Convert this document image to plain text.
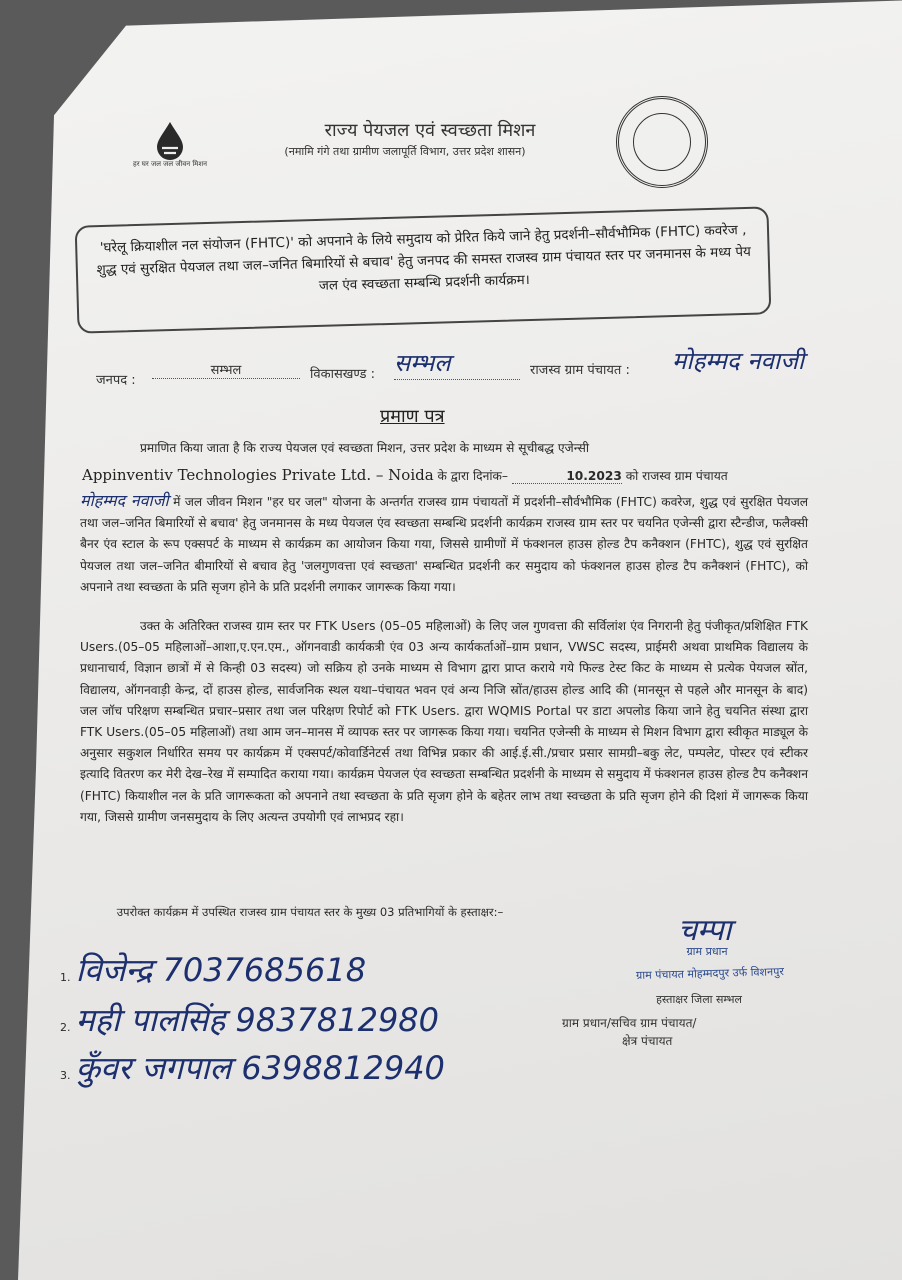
हर घर जल जल जीवन मिशन
राज्य पेयजल एवं स्वच्छता मिशन
(नमामि गंगे तथा ग्रामीण जलापूर्ति विभाग, उत्तर प्रदेश शासन)
'घरेलू क्रियाशील नल संयोजन (FHTC)' को अपनाने के लिये समुदाय को प्रेरित किये जाने हेतु प्रदर्शनी–सौर्वभौमिक (FHTC) कवरेज , शुद्ध एवं सुरक्षित पेयजल तथा जल–जनित बिमारियों से बचाव' हेतु जनपद की समस्त राजस्व ग्राम पंचायत स्तर पर जनमानस के मध्य पेय जल एंव स्वच्छता सम्बन्धि प्रदर्शनी कार्यक्रम।
जनपद :
सम्भल	विकासखण्ड : सम्भल	राजस्व ग्राम पंचायत : मोहम्मद नवाजी
प्रमाण पत्र
प्रमाणित किया जाता है कि राज्य पेयजल एवं स्वच्छता मिशन, उत्तर प्रदेश के माध्यम से सूचीबद्ध एजेन्सी
Appinventiv Technologies Private Ltd. – Noida के द्वारा दिनांक–	10.2023 को राजस्व ग्राम पंचायत
मोहम्मद नवाजी में जल जीवन मिशन "हर घर जल" योजना के अन्तर्गत राजस्व ग्राम पंचायतों में प्रदर्शनी–सौर्वभौमिक (FHTC) कवरेज, शुद्ध एवं सुरक्षित पेयजल तथा जल–जनित बिमारियों से बचाव' हेतु जनमानस के मध्य पेयजल एंव स्वच्छता सम्बन्धि प्रदर्शनी कार्यक्रम राजस्व ग्राम स्तर पर चयनित एजेन्सी द्वारा स्टैन्डीज, फलैक्सी बैनर एंव स्टाल के रूप एक्सपर्ट के माध्यम से कार्यक्रम का आयोजन किया गया, जिससे ग्रामीणों में फंक्शनल हाउस होल्ड टैप कनैक्शन (FHTC), शुद्ध एवं सुरक्षित पेयजल तथा जल–जनित बीमारियों से बचाव हेतु 'जलगुणवत्ता एवं स्वच्छता' सम्बन्धित प्रदर्शनी कर समुदाय को फंक्शनल हाउस होल्ड टैप कनैक्शनं (FHTC), को अपनाने तथा स्वच्छता के प्रति सृजग होने के प्रति प्रदर्शनी लगाकर जागरूक किया गया।
उक्त के अतिरिक्त राजस्व ग्राम स्तर पर FTK Users (05–05 महिलाओं) के लिए जल गुणवत्ता की सर्विलांश एंव निगरानी हेतु पंजीकृत/प्रशिक्षित FTK Users.(05–05 महिलाओं–आशा,ए.एन.एम., ऑगनवाडी कार्यकत्री एंव 03 अन्य कार्यकर्ताओं–ग्राम प्रधान, VWSC सदस्य, प्राईमरी अथवा प्राथमिक विद्यालय के प्रधानाचार्य, विज्ञान छात्रों में से किन्ही 03 सदस्य) जो सक्रिय हो उनके माध्यम से विभाग द्वारा प्राप्त कराये गये फिल्ड टेस्ट किट के माध्यम से प्रत्येक पेयजल स्रोंत, विद्यालय, ऑगनवाड़ी केन्द्र, दों हाउस होल्ड, सार्वजनिक स्थल यथा–पंचायत भवन एवं अन्य निजि स्रोंत/हाउस होल्ड आदि की (मानसून से पहले और मानसून के बाद) जल जॉच परिक्षण सम्बन्धित प्रचार–प्रसार तथा जल परिक्षण रिपोर्ट को FTK Users. द्वारा WQMIS Portal पर डाटा अपलोड किया जाने हेतु चयनित संस्था द्वारा FTK Users.(05–05 महिलाओं) तथा आम जन–मानस में व्यापक स्तर पर जागरूक किया गया। चयनित एजेन्सी के माध्यम से मिशन विभाग द्वारा स्वीकृत माड्यूल के अनुसार सकुशल निर्धारित समय पर कार्यक्रम में एक्सपर्ट/कोवार्डिनेटर्स तथा विभिन्न प्रकार की आई.ई.सी./प्रचार प्रसार सामग्री–बकु लेट, पम्पलेट, पोस्टर एवं स्टीकर इत्यादि वितरण कर मेरी देख–रेख में सम्पादित कराया गया। कार्यक्रम पेयजल एंव स्वच्छता सम्बन्धित प्रदर्शनी के माध्यम से समुदाय में फंक्शनल हाउस होल्ड टैप कनैक्शन (FHTC) कियाशील नल के प्रति जागरूकता को अपनाने तथा स्वच्छता के प्रति सृजग होने के बहेतर लाभ तथा स्वच्छता के प्रति सृजग होने की दिशां में जागरूक किया गया, जिससे ग्रामीण जनसमुदाय के लिए अत्यन्त उपयोगी एवं लाभप्रद रहा।
उपरोक्त कार्यक्रम में उपस्थित राजस्व ग्राम पंचायत स्तर के मुख्य 03 प्रतिभागियों के हस्ताक्षर:–
1. विजेन्द्र 7037685618
2. मही पालसिंह 9837812980
3. कुँवर जगपाल 6398812940
चम्पा
ग्राम प्रधान
ग्राम पंचायत मोहम्मदपुर उर्फ विशनपुर
हस्ताक्षर जिला सम्भल
ग्राम प्रधान/सचिव ग्राम पंचायत/
क्षेत्र पंचायत
